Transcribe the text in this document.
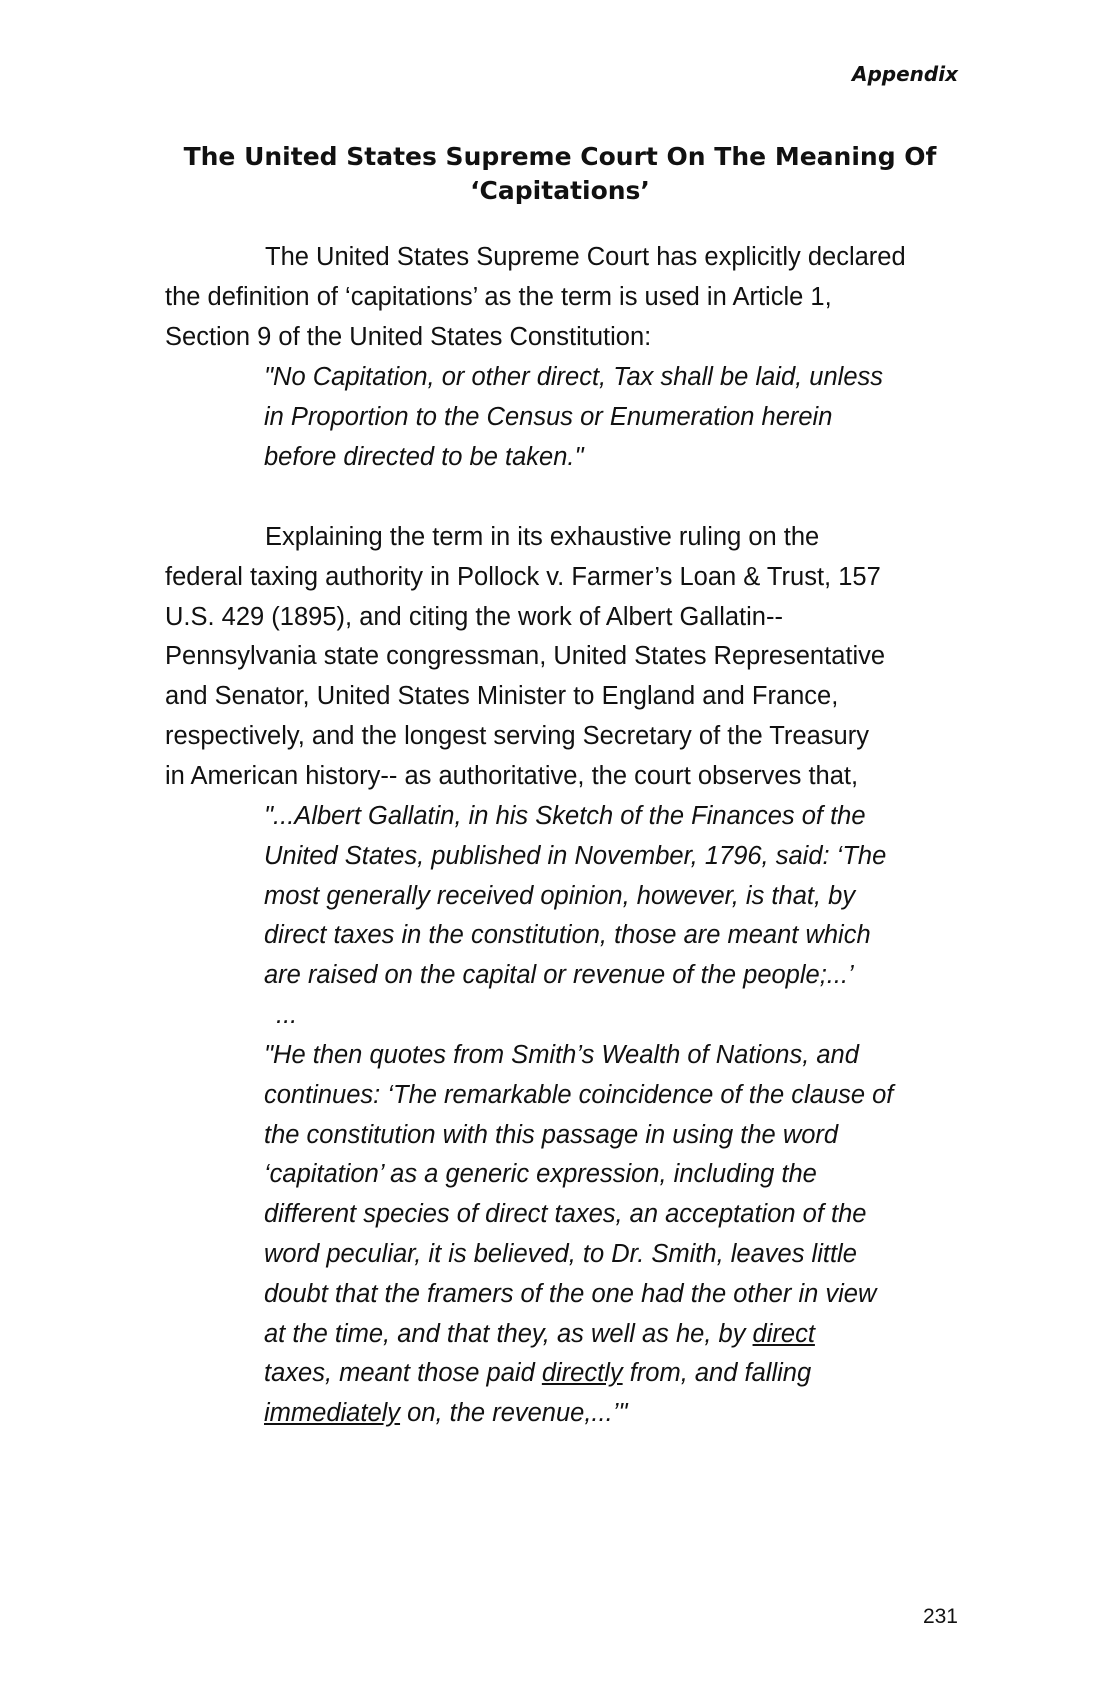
Appendix
The United States Supreme Court On The Meaning Of
‘Capitations’
The United States Supreme Court has explicitly declared
the definition of ‘capitations’ as the term is used in Article 1,
Section 9 of the United States Constitution:
"No Capitation, or other direct, Tax shall be laid, unless
in Proportion to the Census or Enumeration herein
before directed to be taken."
Explaining the term in its exhaustive ruling on the
federal taxing authority in Pollock v. Farmer’s Loan & Trust, 157
U.S. 429 (1895), and citing the work of Albert Gallatin--
Pennsylvania state congressman, United States Representative
and Senator, United States Minister to England and France,
respectively, and the longest serving Secretary of the Treasury
in American history-- as authoritative, the court observes that,
"...Albert Gallatin, in his Sketch of the Finances of the
United States, published in November, 1796, said: ‘The
most generally received opinion, however, is that, by
direct taxes in the constitution, those are meant which
are raised on the capital or revenue of the people;...’
...
"He then quotes from Smith’s Wealth of Nations, and
continues: ‘The remarkable coincidence of the clause of
the constitution with this passage in using the word
‘capitation’ as a generic expression, including the
different species of direct taxes, an acceptation of the
word peculiar, it is believed, to Dr. Smith, leaves little
doubt that the framers of the one had the other in view
at the time, and that they, as well as he, by direct
taxes, meant those paid directly from, and falling
immediately on, the revenue,...’"
231
